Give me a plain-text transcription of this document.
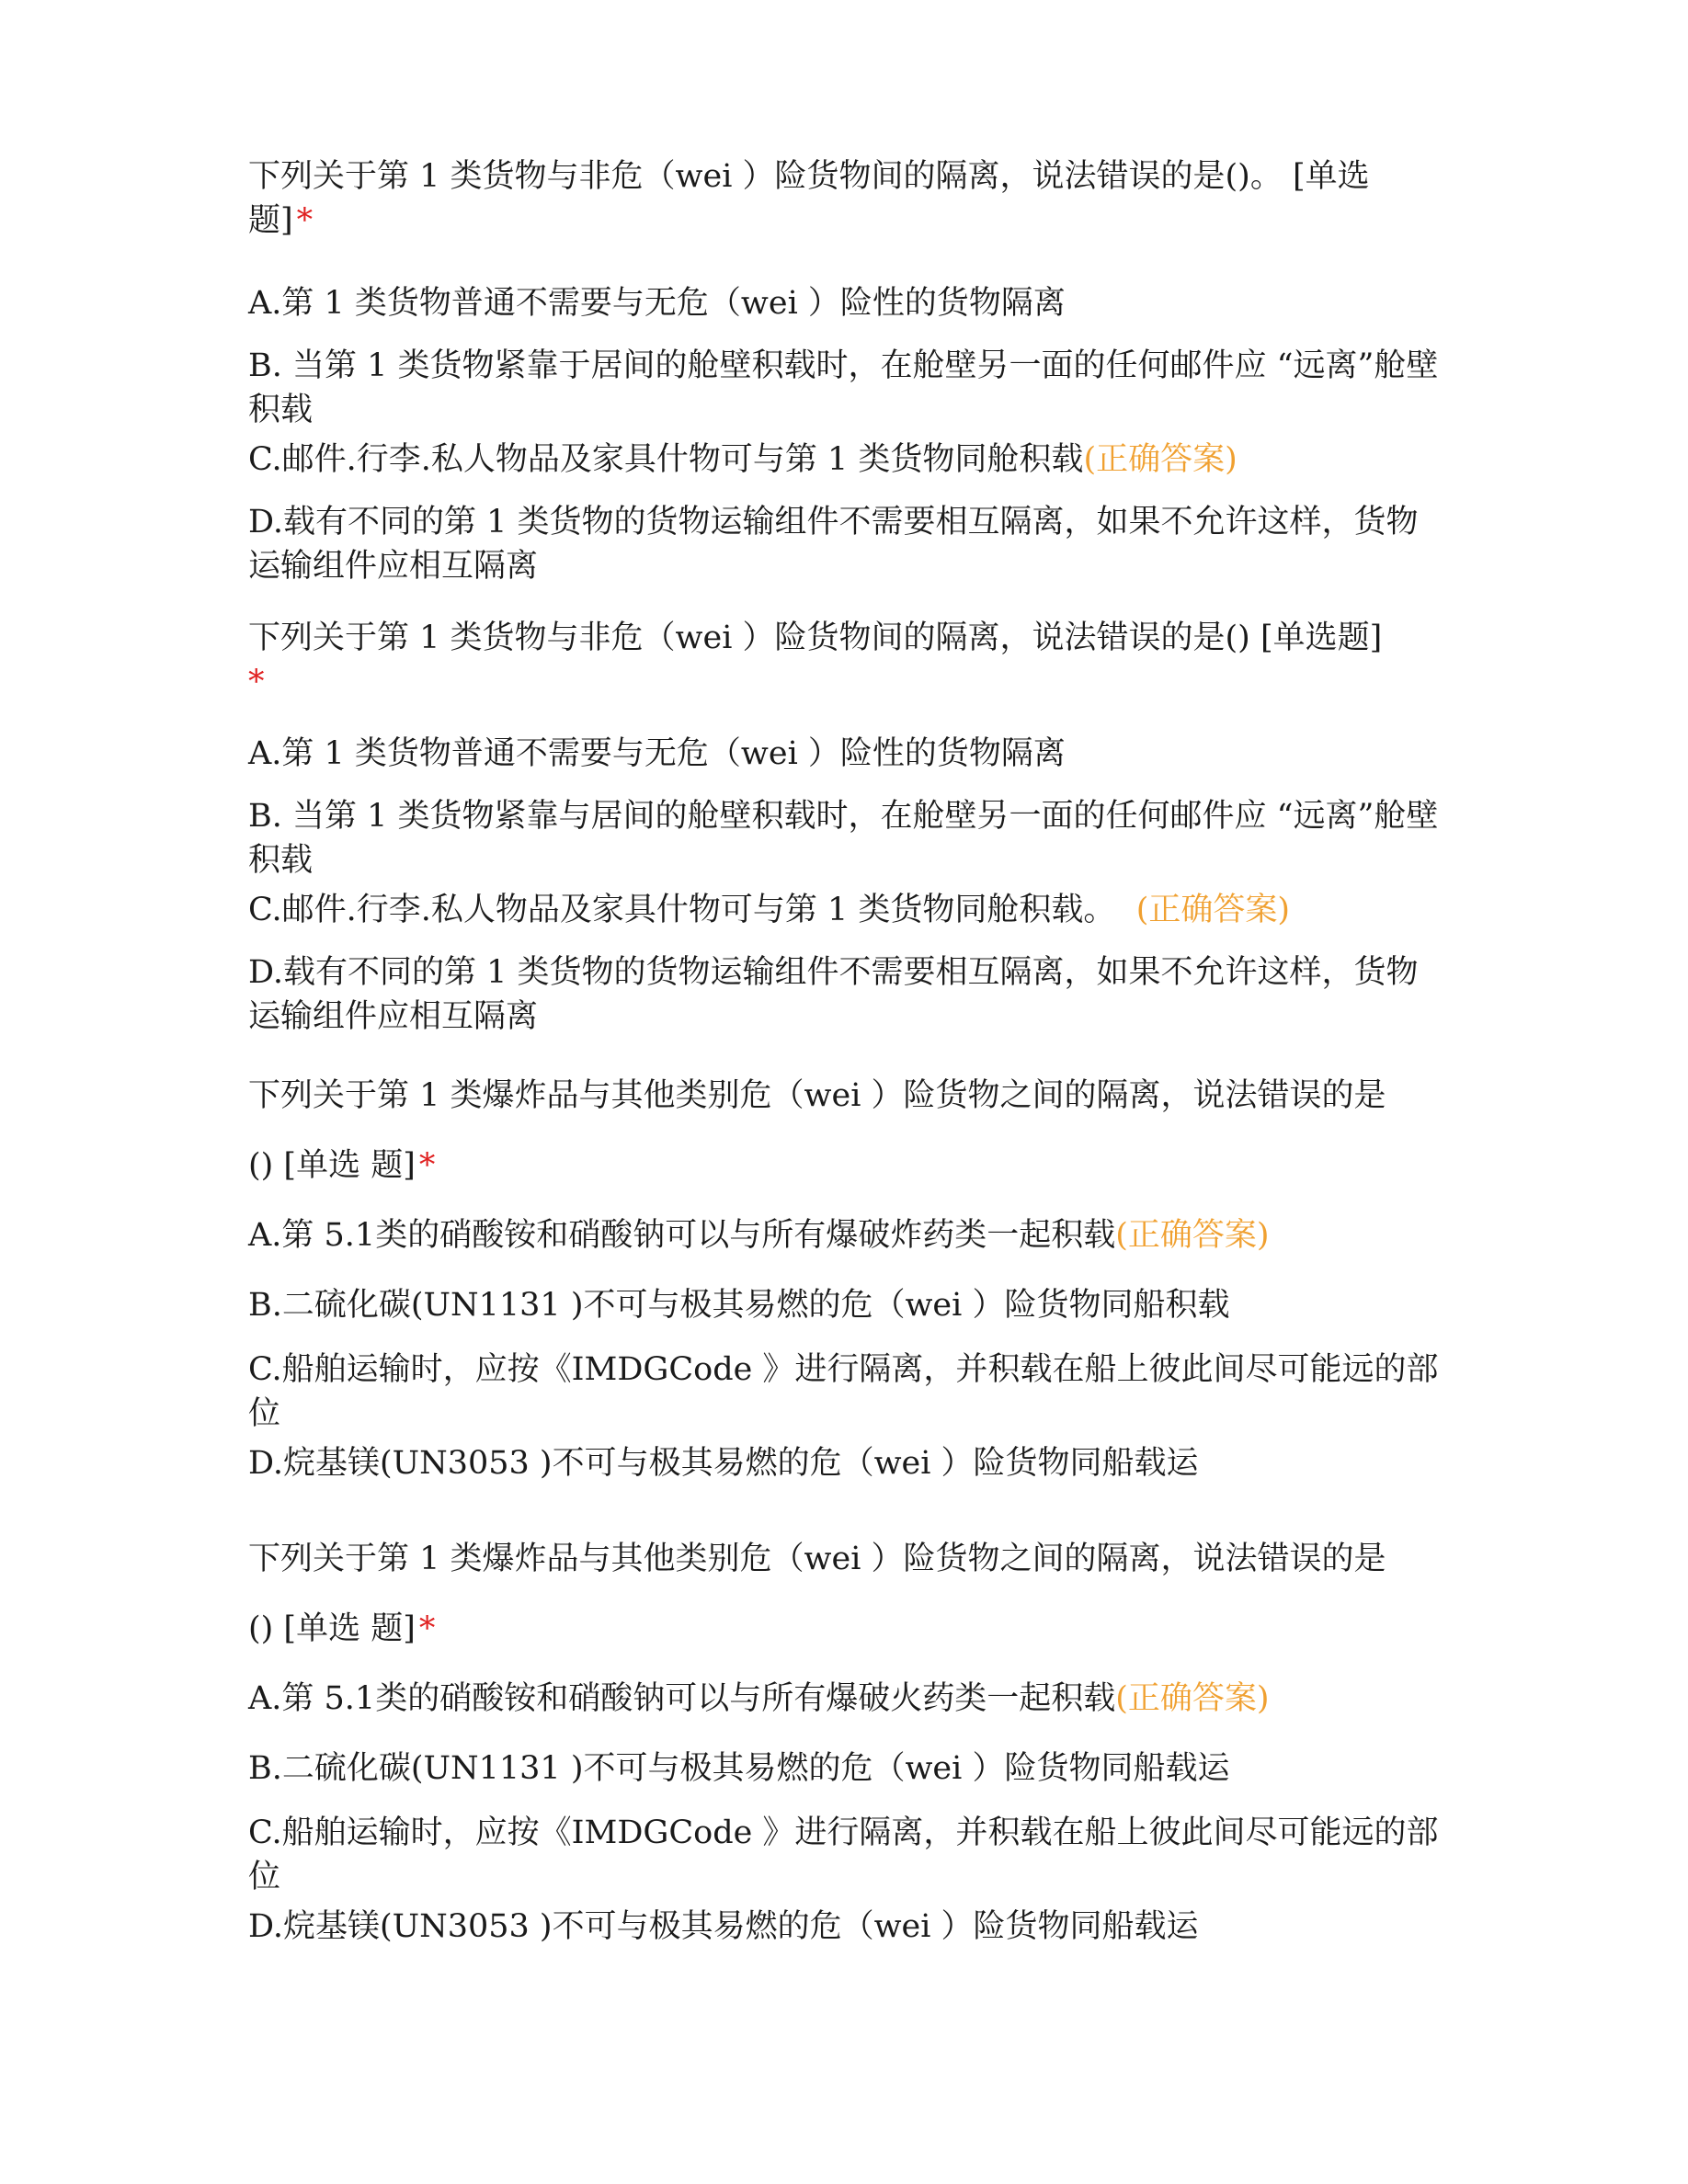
下列关于第 1 类货物与非危（wei ）险货物间的隔离，说法错误的是()。 [单选
题] *
A.第 1 类货物普通不需要与无危（wei ）险性的货物隔离
B. 当第 1 类货物紧靠于居间的舱壁积载时，在舱壁另一面的任何邮件应 “远离”舱壁
积载
C.邮件.行李.私人物品及家具什物可与第 1 类货物同舱积载(正确答案)
D.载有不同的第 1 类货物的货物运输组件不需要相互隔离，如果不允许这样，货物
运输组件应相互隔离
下列关于第 1 类货物与非危（wei ）险货物间的隔离，说法错误的是() [单选题]
*
A.第 1 类货物普通不需要与无危（wei ）险性的货物隔离
B. 当第 1 类货物紧靠与居间的舱壁积载时，在舱壁另一面的任何邮件应 “远离”舱壁
积载
C.邮件.行李.私人物品及家具什物可与第 1 类货物同舱积载。  (正确答案)
D.载有不同的第 1 类货物的货物运输组件不需要相互隔离，如果不允许这样，货物
运输组件应相互隔离
下列关于第 1 类爆炸品与其他类别危（wei ）险货物之间的隔离，说法错误的是
() [单选 题] *
A.第 5.1类的硝酸铵和硝酸钠可以与所有爆破炸药类一起积载(正确答案)
B.二硫化碳(UN1131 )不可与极其易燃的危（wei ）险货物同船积载
C.船舶运输时，应按《IMDGCode 》进行隔离，并积载在船上彼此间尽可能远的部
位
D.烷基镁(UN3053 )不可与极其易燃的危（wei ）险货物同船载运
下列关于第 1 类爆炸品与其他类别危（wei ）险货物之间的隔离，说法错误的是
() [单选 题] *
A.第 5.1类的硝酸铵和硝酸钠可以与所有爆破火药类一起积载(正确答案)
B.二硫化碳(UN1131 )不可与极其易燃的危（wei ）险货物同船载运
C.船舶运输时，应按《IMDGCode 》进行隔离，并积载在船上彼此间尽可能远的部
位
D.烷基镁(UN3053 )不可与极其易燃的危（wei ）险货物同船载运
